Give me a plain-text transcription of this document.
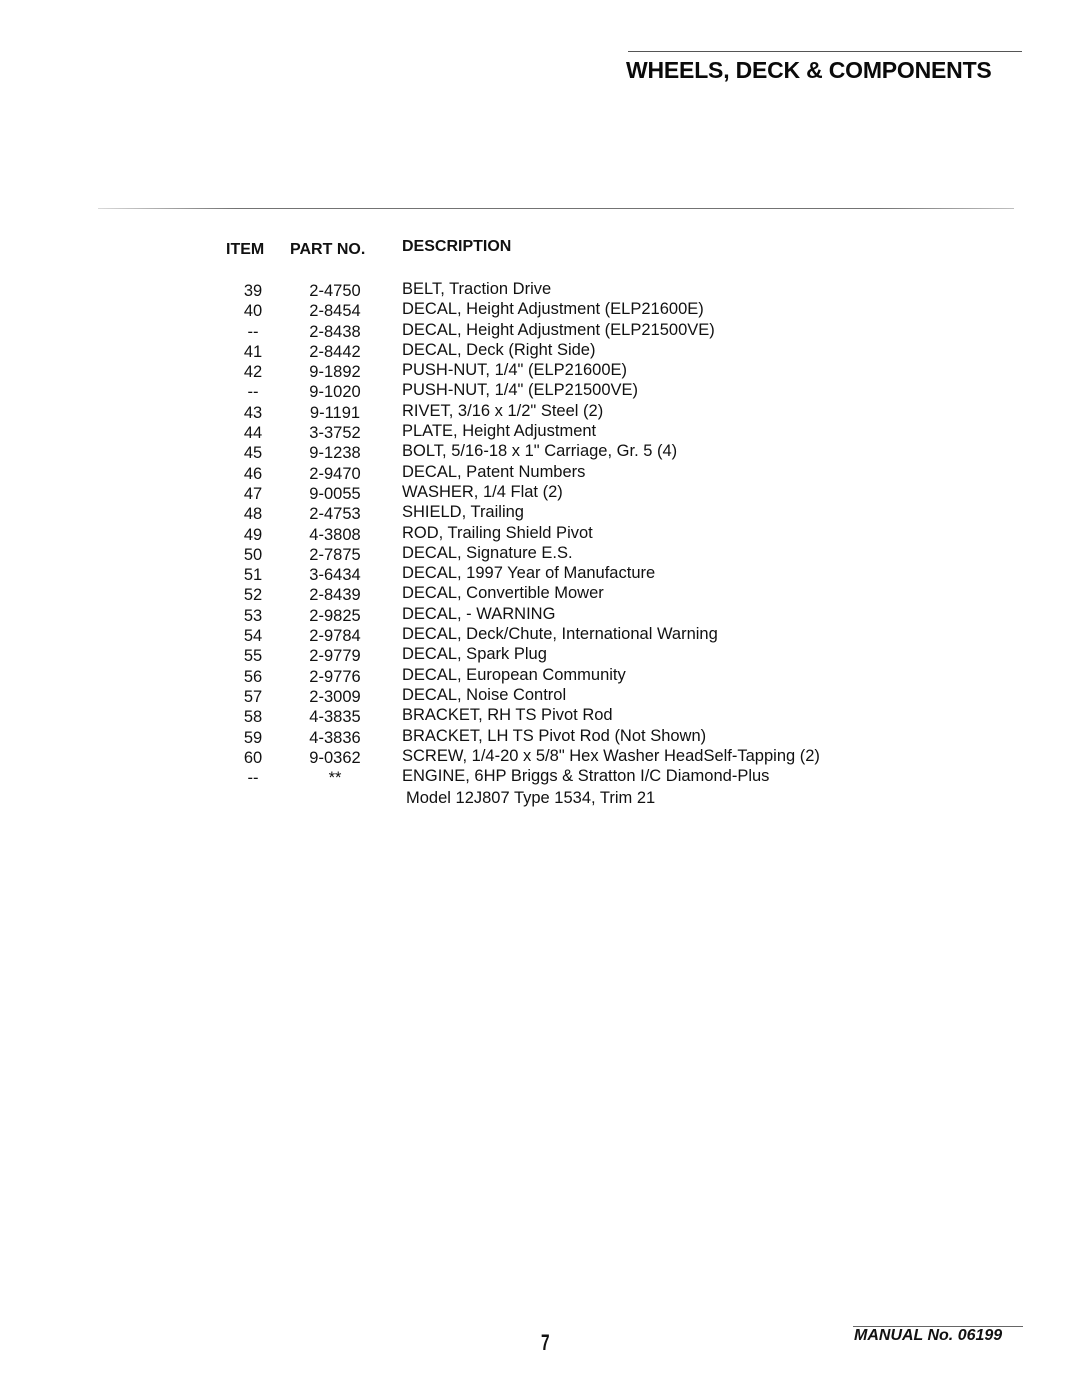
WHEELS, DECK & COMPONENTS
ITEM PART NO. DESCRIPTION
39	2-4750	BELT, Traction Drive
40	2-8454	DECAL, Height Adjustment (ELP21600E)
--	2-8438	DECAL, Height Adjustment (ELP21500VE)
41	2-8442	DECAL, Deck (Right Side)
42	9-1892	PUSH-NUT, 1/4" (ELP21600E)
--	9-1020	PUSH-NUT, 1/4" (ELP21500VE)
43	9-1191	RIVET, 3/16 x 1/2" Steel (2)
44	3-3752	PLATE, Height Adjustment
45	9-1238	BOLT, 5/16-18 x 1" Carriage, Gr. 5 (4)
46	2-9470	DECAL, Patent Numbers
47	9-0055	WASHER, 1/4 Flat (2)
48	2-4753	SHIELD, Trailing
49	4-3808	ROD, Trailing Shield Pivot
50	2-7875	DECAL, Signature E.S.
51	3-6434	DECAL, 1997 Year of Manufacture
52	2-8439	DECAL, Convertible Mower
53	2-9825	DECAL, - WARNING
54	2-9784	DECAL, Deck/Chute, International Warning
55	2-9779	DECAL, Spark Plug
56	2-9776	DECAL, European Community
57	2-3009	DECAL, Noise Control
58	4-3835	BRACKET, RH TS Pivot Rod
59	4-3836	BRACKET, LH TS Pivot Rod (Not Shown)
60	9-0362	SCREW, 1/4-20 x 5/8" Hex Washer HeadSelf-Tapping (2)
--	**	ENGINE, 6HP Briggs & Stratton I/C Diamond-Plus
Model 12J807 Type 1534, Trim 21
7	MANUAL No. 06199
